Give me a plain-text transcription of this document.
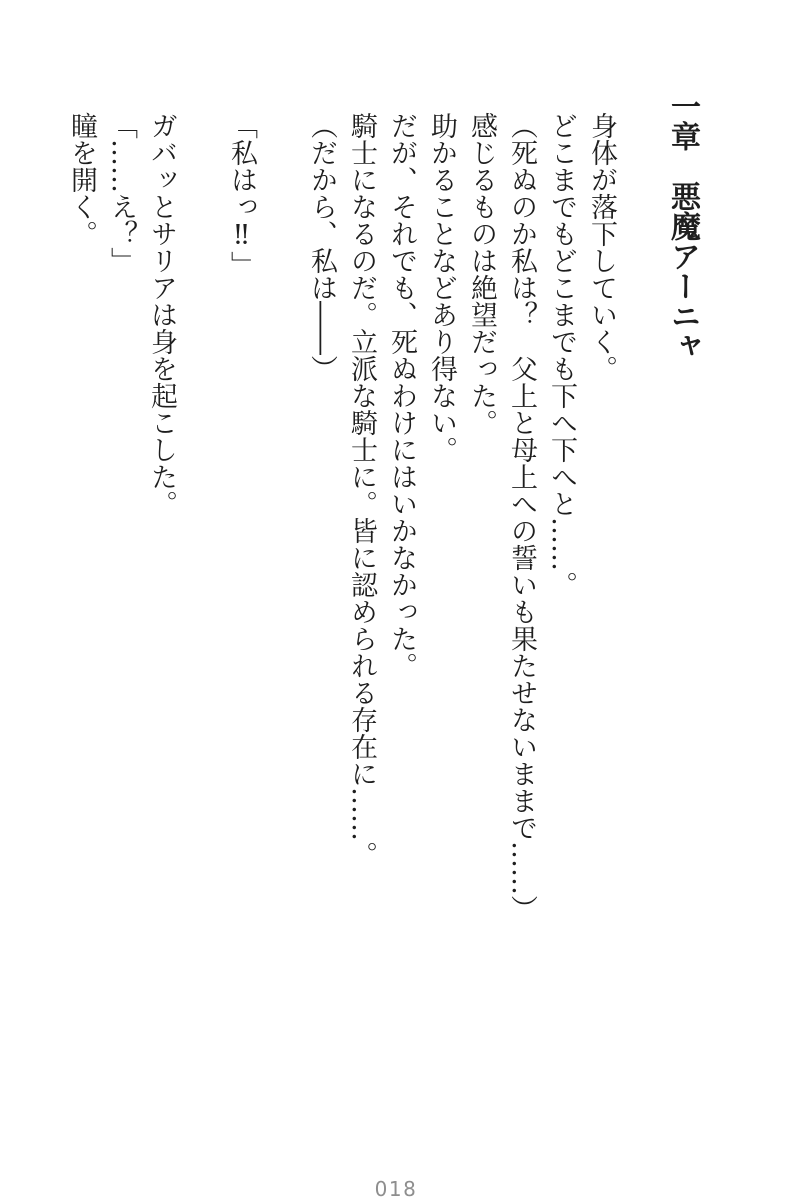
一章　悪魔アーニャ

身体が落下していく。

どこまでもどこまでも下へ下へと……。

（死ぬのか私は？　父上と母上への誓いも果たせないままで……）

感じるものは絶望だった。

助かることなどあり得ない。

だが、それでも、死ぬわけにはいかなかった。

騎士になるのだ。立派な騎士に。皆に認められる存在に……。

（だから、私は――）

「私はっ‼」

ガバッとサリアは身を起こした。

「……え？」

瞳を開く。

018
